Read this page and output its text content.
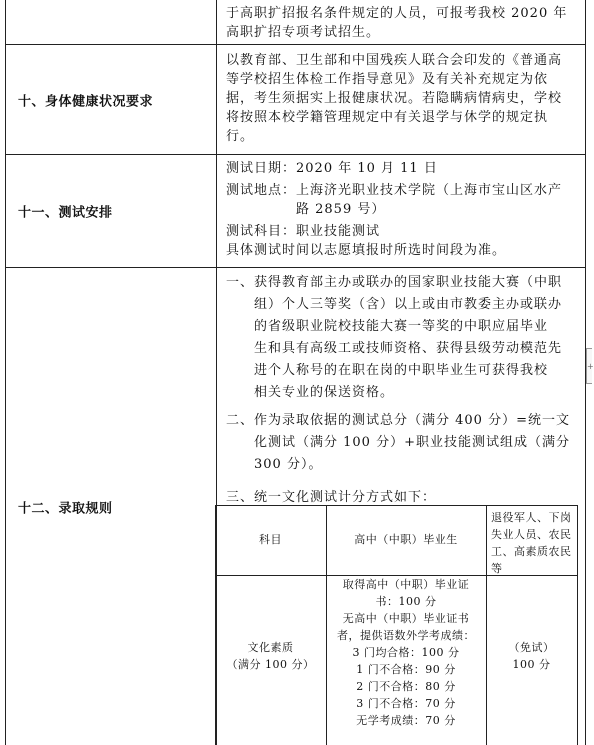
于高职扩招报名条件规定的人员，可报考我校 2020 年
高职扩招专项考试招生。

十、身体健康状况要求

以教育部、卫生部和中国残疾人联合会印发的《普通高
等学校招生体检工作指导意见》及有关补充规定为依
据，考生须据实上报健康状况。若隐瞒病情病史，学校
将按照本校学籍管理规定中有关退学与休学的规定执
行。

十一、测试安排

测试日期：2020 年 10 月 11 日
测试地点：上海济光职业技术学院（上海市宝山区水产
　　　　　路 2859 号）
测试科目：职业技能测试
具体测试时间以志愿填报时所选时间段为准。

十二、录取规则

一、获得教育部主办或联办的国家职业技能大赛（中职
　　组）个人三等奖（含）以上或由市教委主办或联办
　　的省级职业院校技能大赛一等奖的中职应届毕业
　　生和具有高级工或技师资格、获得县级劳动模范先
　　进个人称号的在职在岗的中职毕业生可获得我校
　　相关专业的保送资格。

二、作为录取依据的测试总分（满分 400 分）=统一文
　　化测试（满分 100 分）+职业技能测试组成（满分
　　300 分）。

三、统一文化测试计分方式如下：

科目	高中（中职）毕业生
退役军人、下岗失业人员、农民工、高素质农民等
文化素质
（满分 100 分）
取得高中（中职）毕业证
书：100 分
无高中（中职）毕业证书
者，提供语数外学考成绩：
3 门均合格：100 分
1 门不合格：90 分
2 门不合格：80 分
3 门不合格：70 分
无学考成绩：70 分
（免试）
100 分
+
